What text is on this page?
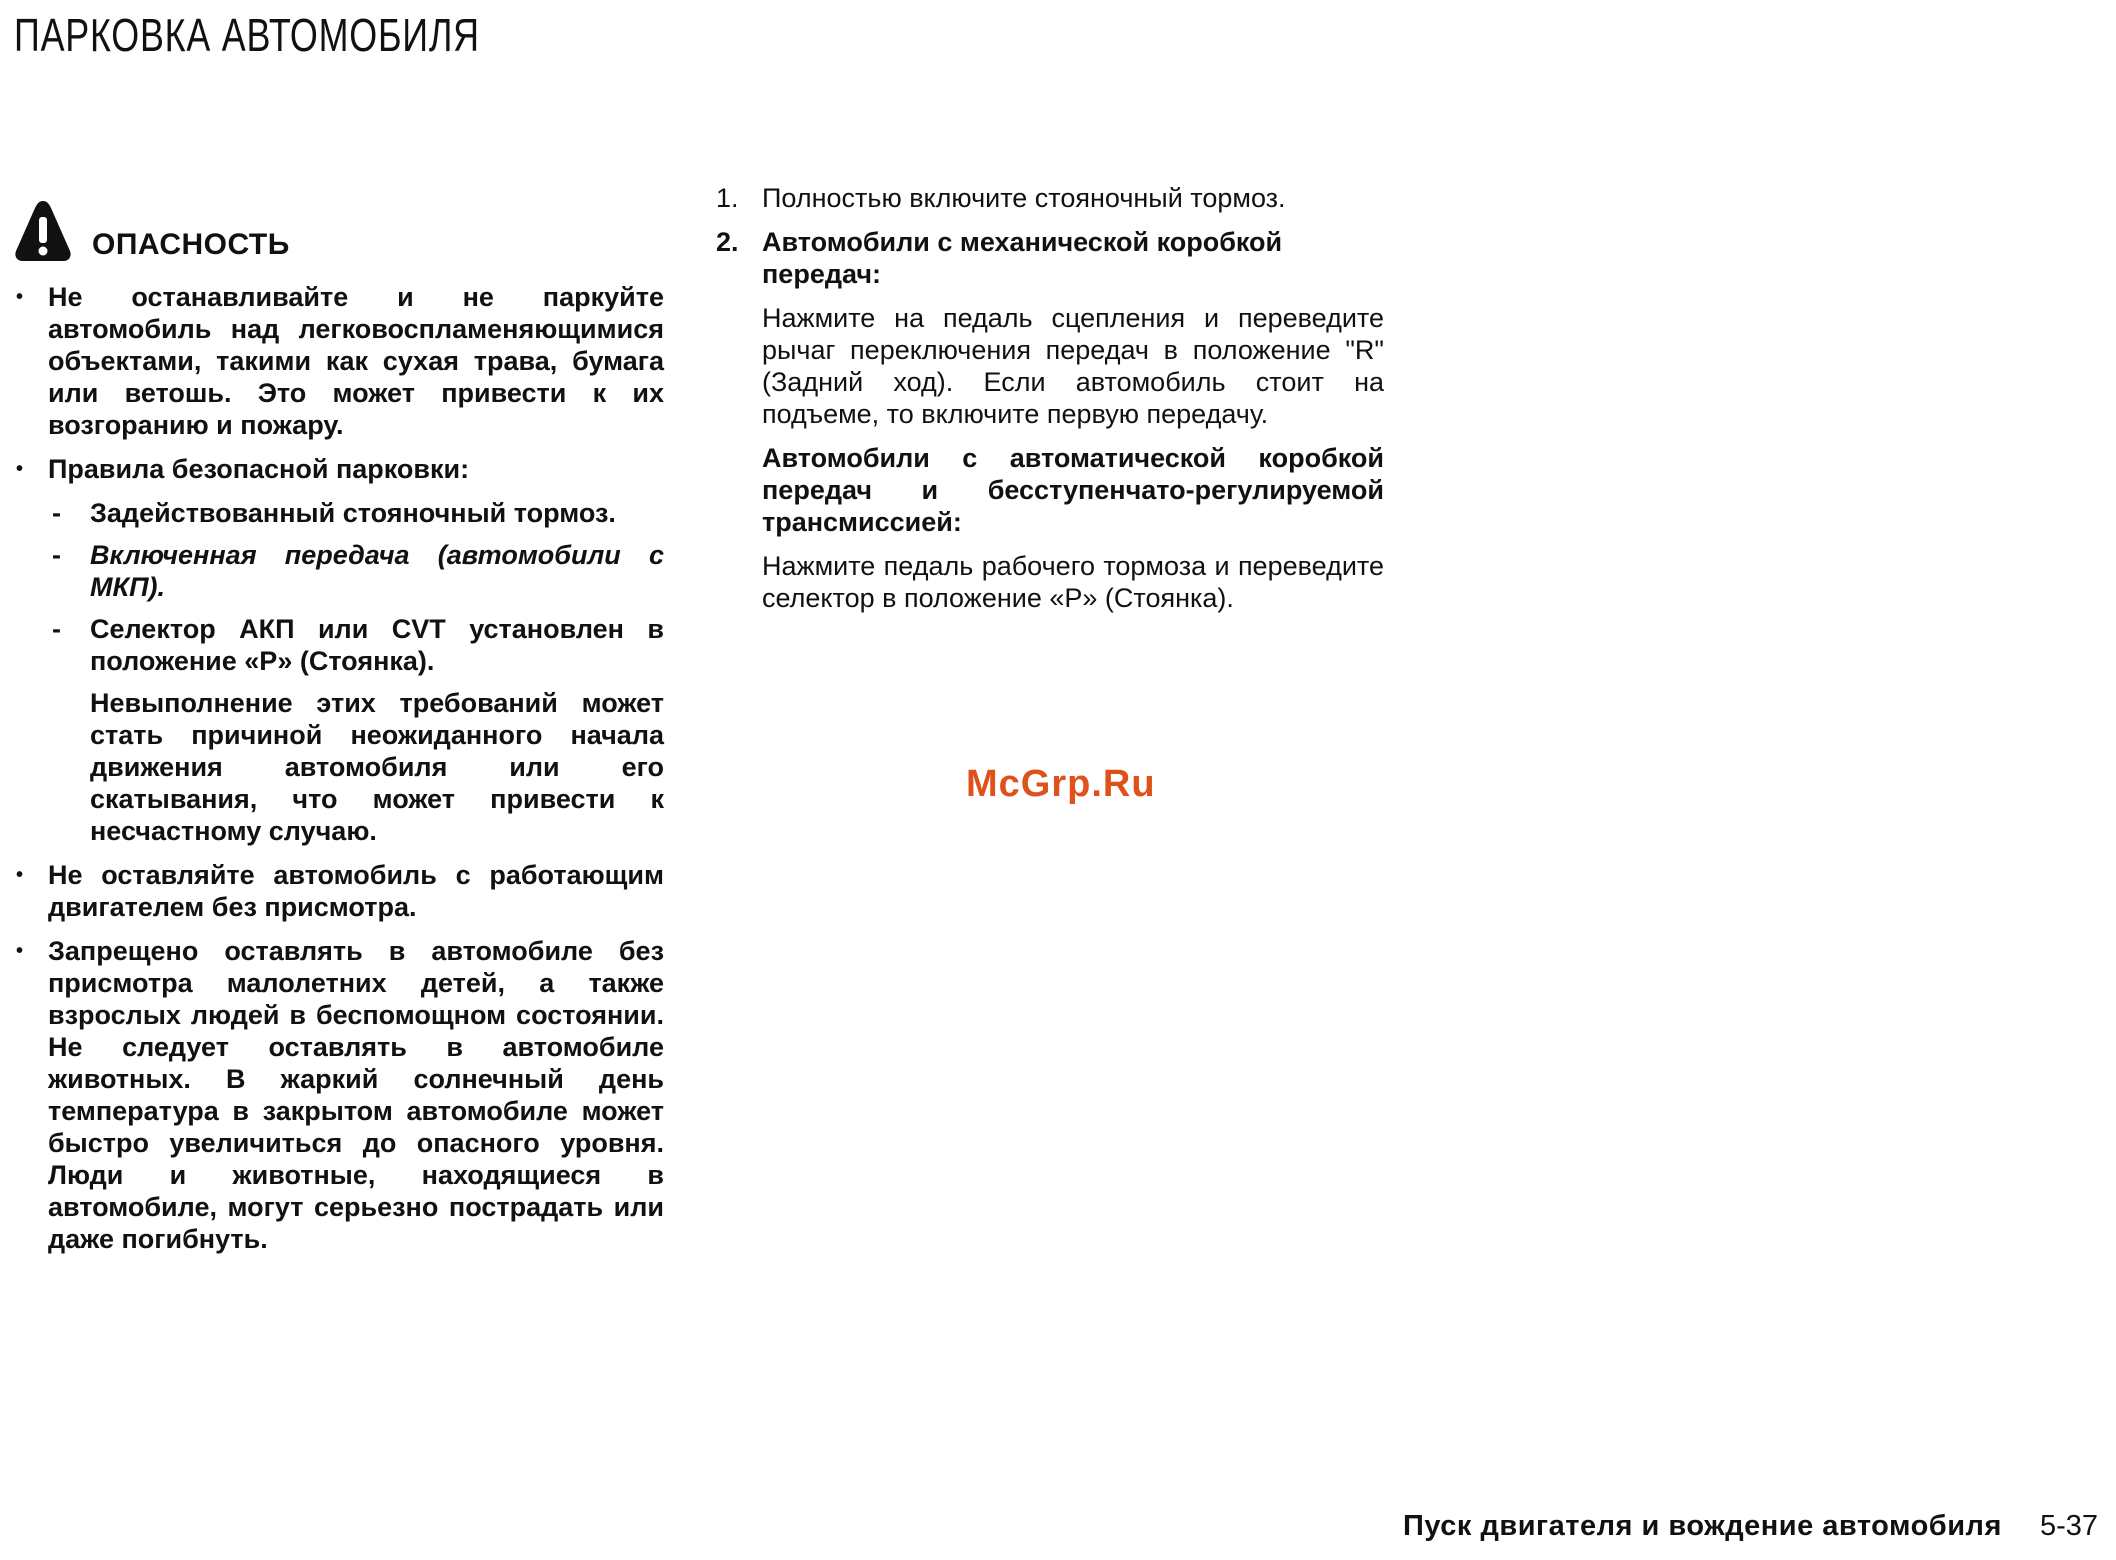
ПАРКОВКА АВТОМОБИЛЯ
ОПАСНОСТЬ
• Не останавливайте и не паркуйте автомобиль над легковоспламеняющимися объектами, такими как сухая трава, бумага или ветошь. Это может привести к их возгоранию и пожару.
• Правила безопасной парковки:
- Задействованный стояночный тормоз.
- Включенная передача (автомобили с МКП).
- Селектор АКП или CVT установлен в положение «P» (Стоянка).
Невыполнение этих требований может стать причиной неожиданного начала движения автомобиля или его скатывания, что может привести к несчастному случаю.
• Не оставляйте автомобиль с работающим двигателем без присмотра.
• Запрещено оставлять в автомобиле без присмотра малолетних детей, а также взрослых людей в беспомощном состоянии. Не следует оставлять в автомобиле животных. В жаркий солнечный день температура в закрытом автомобиле может быстро увеличиться до опасного уровня. Люди и животные, находящиеся в автомобиле, могут серьезно пострадать или даже погибнуть.
1. Полностью включите стояночный тормоз.
2. Автомобили с механической коробкой передач:
Нажмите на педаль сцепления и переведите рычаг переключения передач в положение "R" (Задний ход). Если автомобиль стоит на подъеме, то включите первую передачу.
Автомобили с автоматической коробкой передач и бесступенчато-регулируемой трансмиссией:
Нажмите педаль рабочего тормоза и переведите селектор в положение «P» (Стоянка).
McGrp.Ru
Пуск двигателя и вождение автомобиля 5-37
